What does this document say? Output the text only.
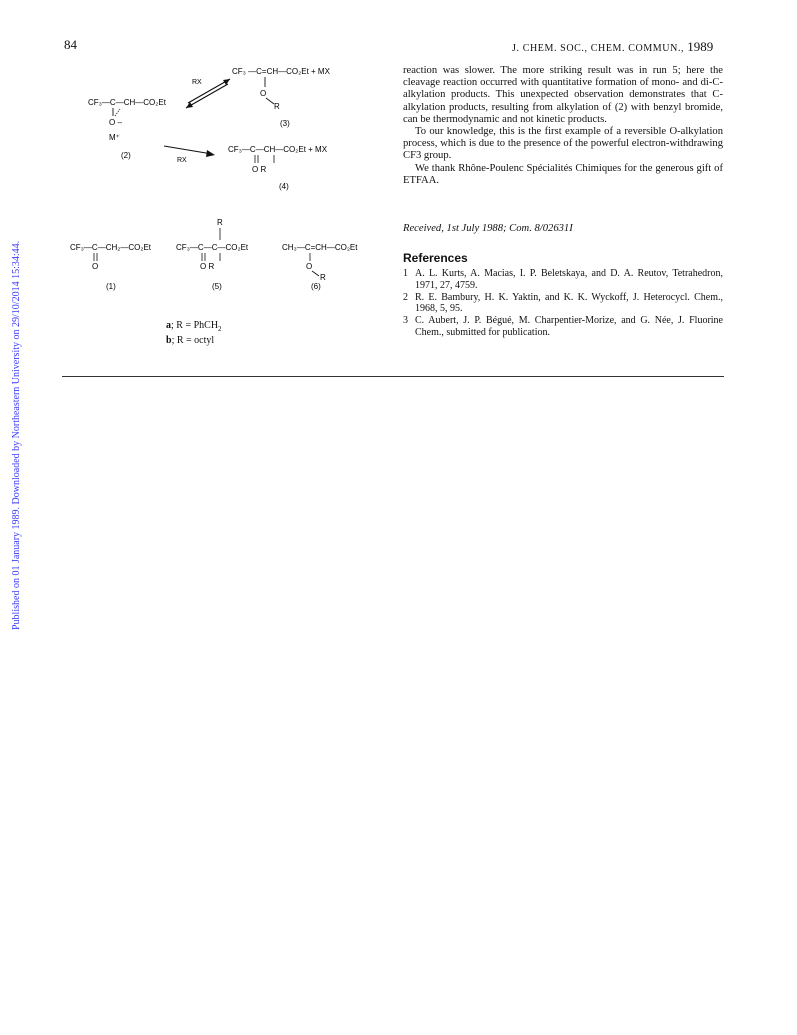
Published on 01 January 1989. Downloaded by Northeastern University on 29/10/2014 15:34:44.
84	J. CHEM. SOC., CHEM. COMMUN., 1989
CF₃ —C=CH—CO₂Et + MX
O
R
(3)
RX
CF₃—C—CH—CO₂Et
O –
M⁺
(2)
RX
CF₃—C—CH—CO₂Et + MX
O R
(4)
CF₃—C—CH₂—CO₂Et
O
(1)
R
CF₃—C—C—CO₂Et
O R
(5)
CH₃—C=CH—CO₂Et
O
R
(6)
a; R = PhCH$_2$
b; R = octyl

reaction was slower. The more striking result was in run 5; here the cleavage reaction occurred with quantitative formation of mono- and di-C-alkylation products. This unexpected observation demonstrates that C-alkylation products, resulting from alkylation of (2) with benzyl bromide, can be thermodynamic and not kinetic products.

To our knowledge, this is the first example of a reversible O-alkylation process, which is due to the presence of the powerful electron-withdrawing CF3 group.

We thank Rhône-Poulenc Spécialités Chimiques for the generous gift of ETFAA.

Received, 1st July 1988; Com. 8/02631I
References
1 A. L. Kurts, A. Macias, I. P. Beletskaya, and D. A. Reutov, Tetrahedron, 1971, 27, 4759.
2 R. E. Bambury, H. K. Yaktin, and K. K. Wyckoff, J. Heterocycl. Chem., 1968, 5, 95.
3 C. Aubert, J. P. Bégué, M. Charpentier-Morize, and G. Née, J. Fluorine Chem., submitted for publication.
